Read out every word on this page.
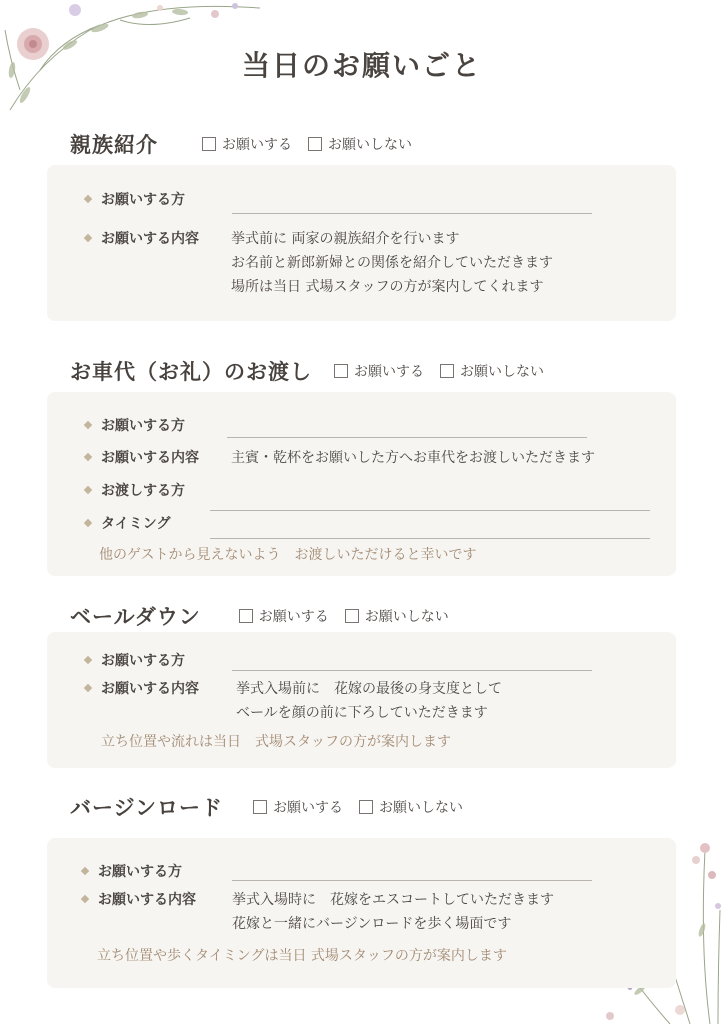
当日のお願いごと
親族紹介	お願いする	お願いしない
お願いする方
お願いする内容 挙式前に 両家の親族紹介を行います
お名前と新郎新婦との関係を紹介していただきます
場所は当日 式場スタッフの方が案内してくれます
お車代（お礼）のお渡し	お願いする	お願いしない
お願いする方
お願いする内容 主賓・乾杯をお願いした方へお車代をお渡しいただきます
お渡しする方
タイミング
他のゲストから見えないよう　お渡しいただけると幸いです
ベールダウン	お願いする	お願いしない
お願いする方
お願いする内容	挙式入場前に　花嫁の最後の身支度として
ベールを顔の前に下ろしていただきます
立ち位置や流れは当日　式場スタッフの方が案内します
バージンロード	お願いする	お願いしない
お願いする方
お願いする内容	挙式入場時に　花嫁をエスコートしていただきます
花嫁と一緒にバージンロードを歩く場面です
立ち位置や歩くタイミングは当日 式場スタッフの方が案内します
